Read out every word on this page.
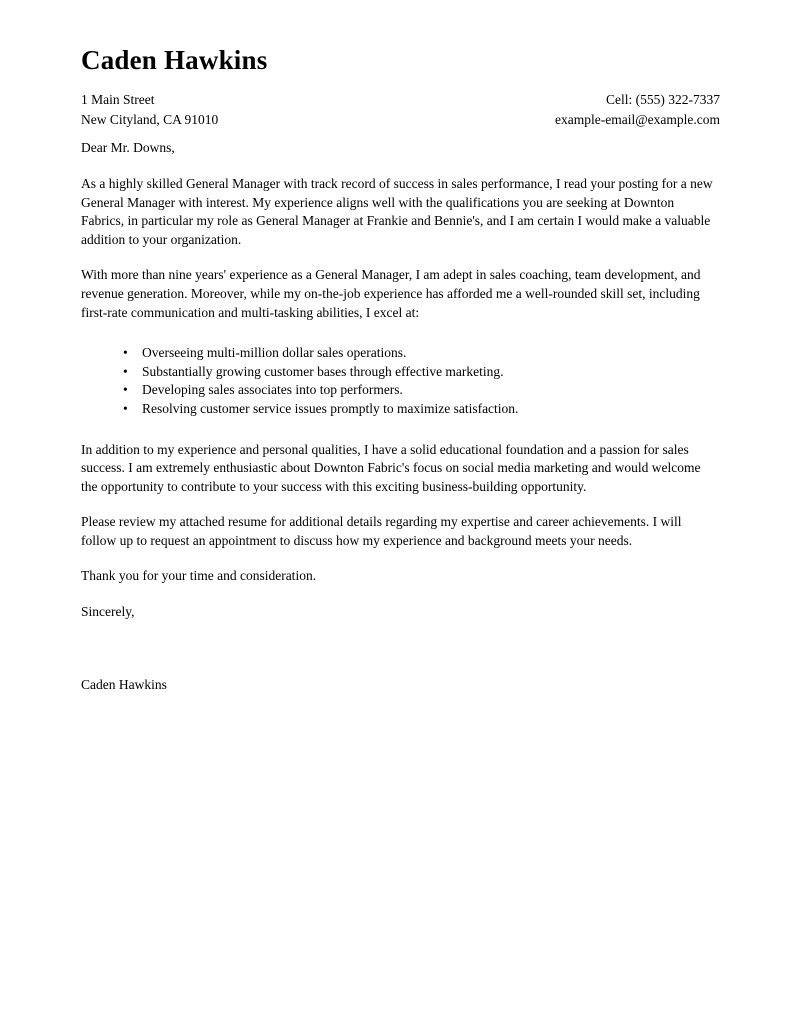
Caden Hawkins
1 Main Street
New Cityland, CA 91010
Cell: (555) 322-7337
example-email@example.com

Dear Mr. Downs,

As a highly skilled General Manager with track record of success in sales performance, I read your posting for a new General Manager with interest. My experience aligns well with the qualifications you are seeking at Downton Fabrics, in particular my role as General Manager at Frankie and Bennie's, and I am certain I would make a valuable addition to your organization.

With more than nine years' experience as a General Manager, I am adept in sales coaching, team development, and revenue generation. Moreover, while my on-the-job experience has afforded me a well-rounded skill set, including first-rate communication and multi-tasking abilities, I excel at:

• Overseeing multi-million dollar sales operations.
• Substantially growing customer bases through effective marketing.
• Developing sales associates into top performers.
• Resolving customer service issues promptly to maximize satisfaction.

In addition to my experience and personal qualities, I have a solid educational foundation and a passion for sales success. I am extremely enthusiastic about Downton Fabric's focus on social media marketing and would welcome the opportunity to contribute to your success with this exciting business-building opportunity.

Please review my attached resume for additional details regarding my expertise and career achievements. I will follow up to request an appointment to discuss how my experience and background meets your needs.

Thank you for your time and consideration.

Sincerely,

Caden Hawkins
